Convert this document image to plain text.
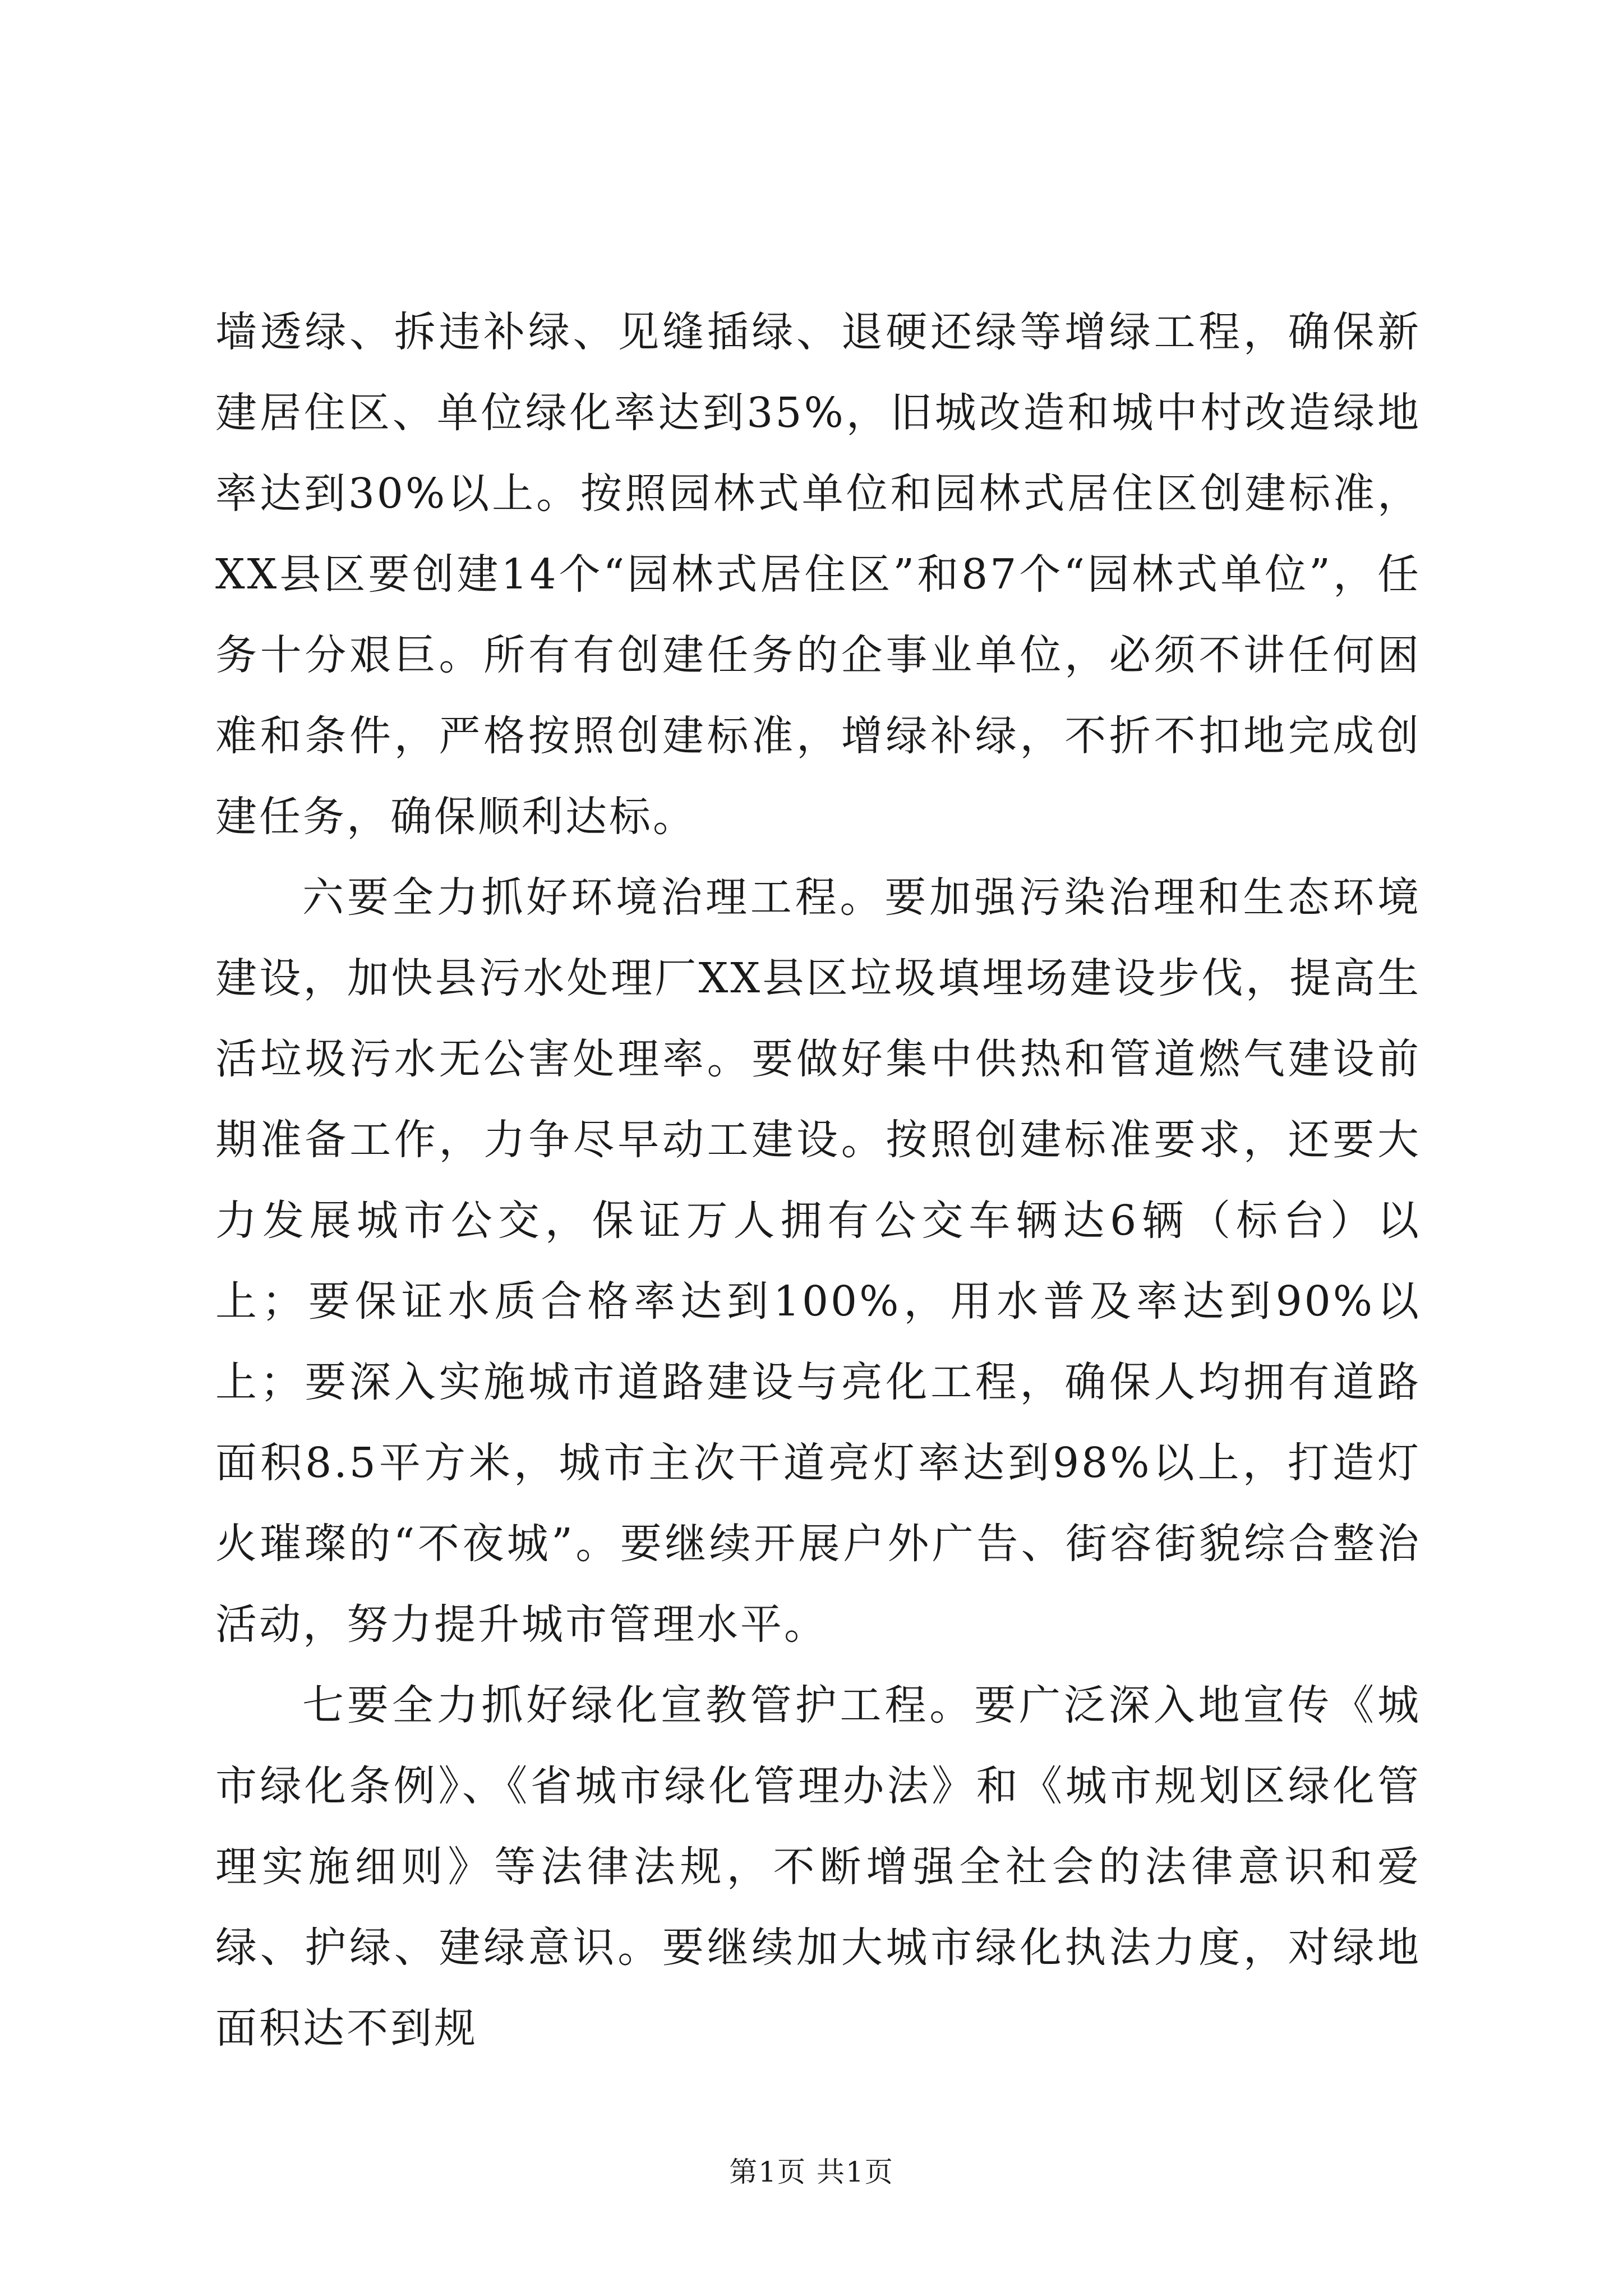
墙透绿、拆违补绿、见缝插绿、退硬还绿等增绿工程，确保新建居住区、单位绿化率达到35%，旧城改造和城中村改造绿地率达到30%以上。按照园林式单位和园林式居住区创建标准，XX县区要创建14个“园林式居住区”和87个“园林式单位”，任务十分艰巨。所有有创建任务的企事业单位，必须不讲任何困难和条件，严格按照创建标准，增绿补绿，不折不扣地完成创建任务，确保顺利达标。

六要全力抓好环境治理工程。要加强污染治理和生态环境建设，加快县污水处理厂XX县区垃圾填埋场建设步伐，提高生活垃圾污水无公害处理率。要做好集中供热和管道燃气建设前期准备工作，力争尽早动工建设。按照创建标准要求，还要大力发展城市公交，保证万人拥有公交车辆达6辆（标台）以上；要保证水质合格率达到100%，用水普及率达到90%以上；要深入实施城市道路建设与亮化工程，确保人均拥有道路面积8.5平方米，城市主次干道亮灯率达到98%以上，打造灯火璀璨的“不夜城”。要继续开展户外广告、街容街貌综合整治活动，努力提升城市管理水平。

七要全力抓好绿化宣教管护工程。要广泛深入地宣传《城市绿化条例》、《省城市绿化管理办法》和《城市规划区绿化管理实施细则》等法律法规，不断增强全社会的法律意识和爱绿、护绿、建绿意识。要继续加大城市绿化执法力度，对绿地面积达不到规

第1页 共1页
